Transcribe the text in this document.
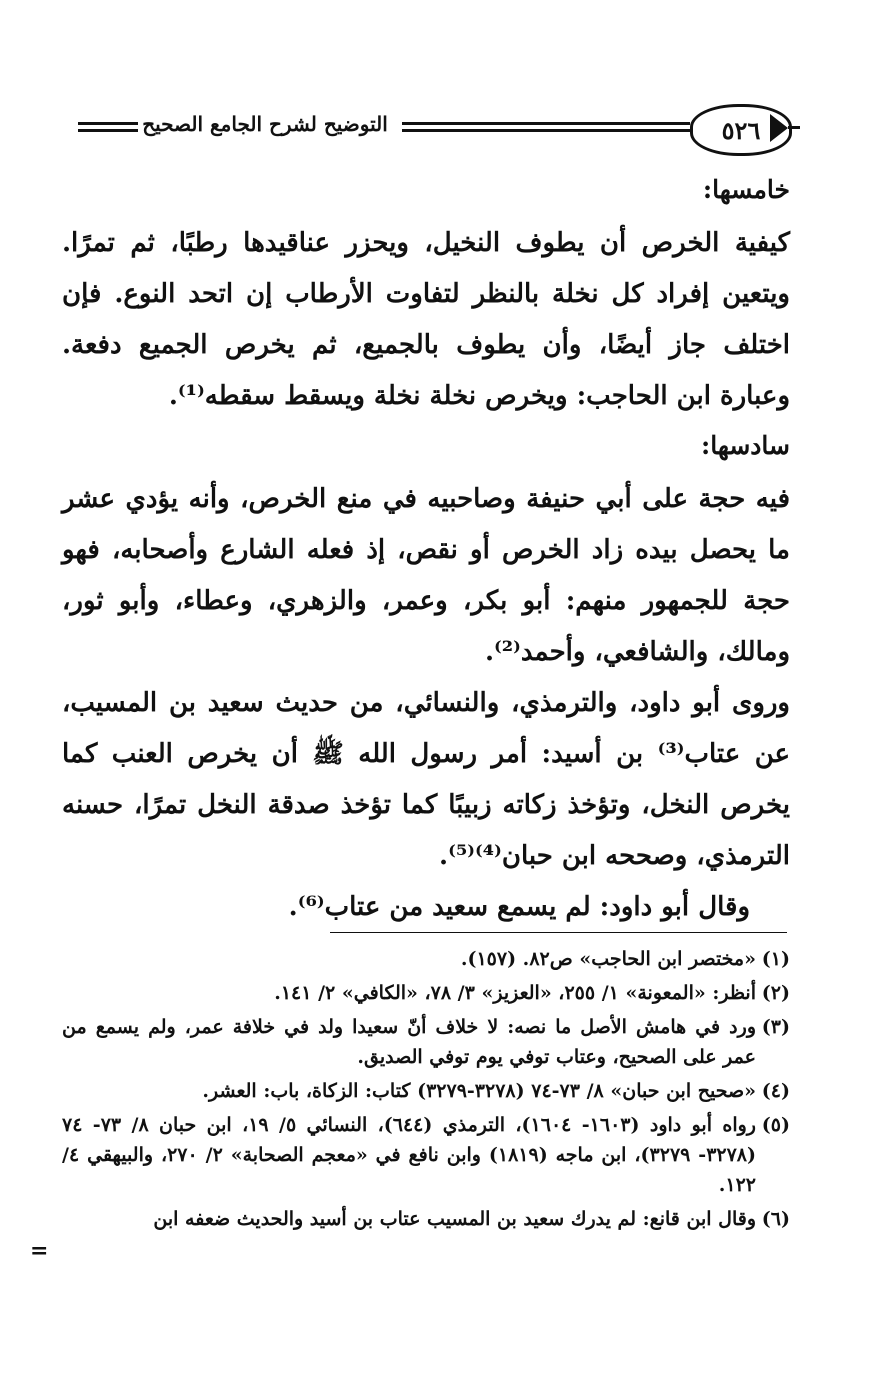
التوضيح لشرح الجامع الصحيح	٥٢٦

خامسها:

كيفية الخرص أن يطوف النخيل، ويحزر عناقيدها رطبًا، ثم تمرًا. ويتعين إفراد كل نخلة بالنظر لتفاوت الأرطاب إن اتحد النوع. فإن اختلف جاز أيضًا، وأن يطوف بالجميع، ثم يخرص الجميع دفعة. وعبارة ابن الحاجب: ويخرص نخلة نخلة ويسقط سقطه⁽¹⁾.

سادسها:

فيه حجة على أبي حنيفة وصاحبيه في منع الخرص، وأنه يؤدي عشر ما يحصل بيده زاد الخرص أو نقص، إذ فعله الشارع وأصحابه، فهو حجة للجمهور منهم: أبو بكر، وعمر، والزهري، وعطاء، وأبو ثور، ومالك، والشافعي، وأحمد⁽²⁾.

وروى أبو داود، والترمذي، والنسائي، من حديث سعيد بن المسيب، عن عتاب⁽³⁾ بن أسيد: أمر رسول الله ﷺ أن يخرص العنب كما يخرص النخل، وتؤخذ زكاته زبيبًا كما تؤخذ صدقة النخل تمرًا، حسنه الترمذي، وصححه ابن حبان⁽⁴⁾⁽⁵⁾.

وقال أبو داود: لم يسمع سعيد من عتاب⁽⁶⁾.

(١)
«مختصر ابن الحاجب» ص٨٢. (١٥٧).
(٢)
أنظر: «المعونة» ١/ ٢٥٥، «العزيز» ٣/ ٧٨، «الكافي» ٢/ ١٤١.
(٣)
ورد في هامش الأصل ما نصه: لا خلاف أنّ سعيدا ولد في خلافة عمر، ولم يسمع من عمر على الصحيح، وعتاب توفي يوم توفي الصديق.
(٤)
«صحيح ابن حبان» ٨/ ٧٣-٧٤ (٣٢٧٨-٣٢٧٩) كتاب: الزكاة، باب: العشر.
(٥)
رواه أبو داود (١٦٠٣- ١٦٠٤)، الترمذي (٦٤٤)، النسائي ٥/ ١٩، ابن حبان ٨/ ٧٣- ٧٤ (٣٢٧٨- ٣٢٧٩)، ابن ماجه (١٨١٩) وابن نافع في «معجم الصحابة» ٢/ ٢٧٠، والبيهقي ٤/ ١٢٢.
(٦)
وقال ابن قانع: لم يدرك سعيد بن المسيب عتاب بن أسيد والحديث ضعفه ابن
=
